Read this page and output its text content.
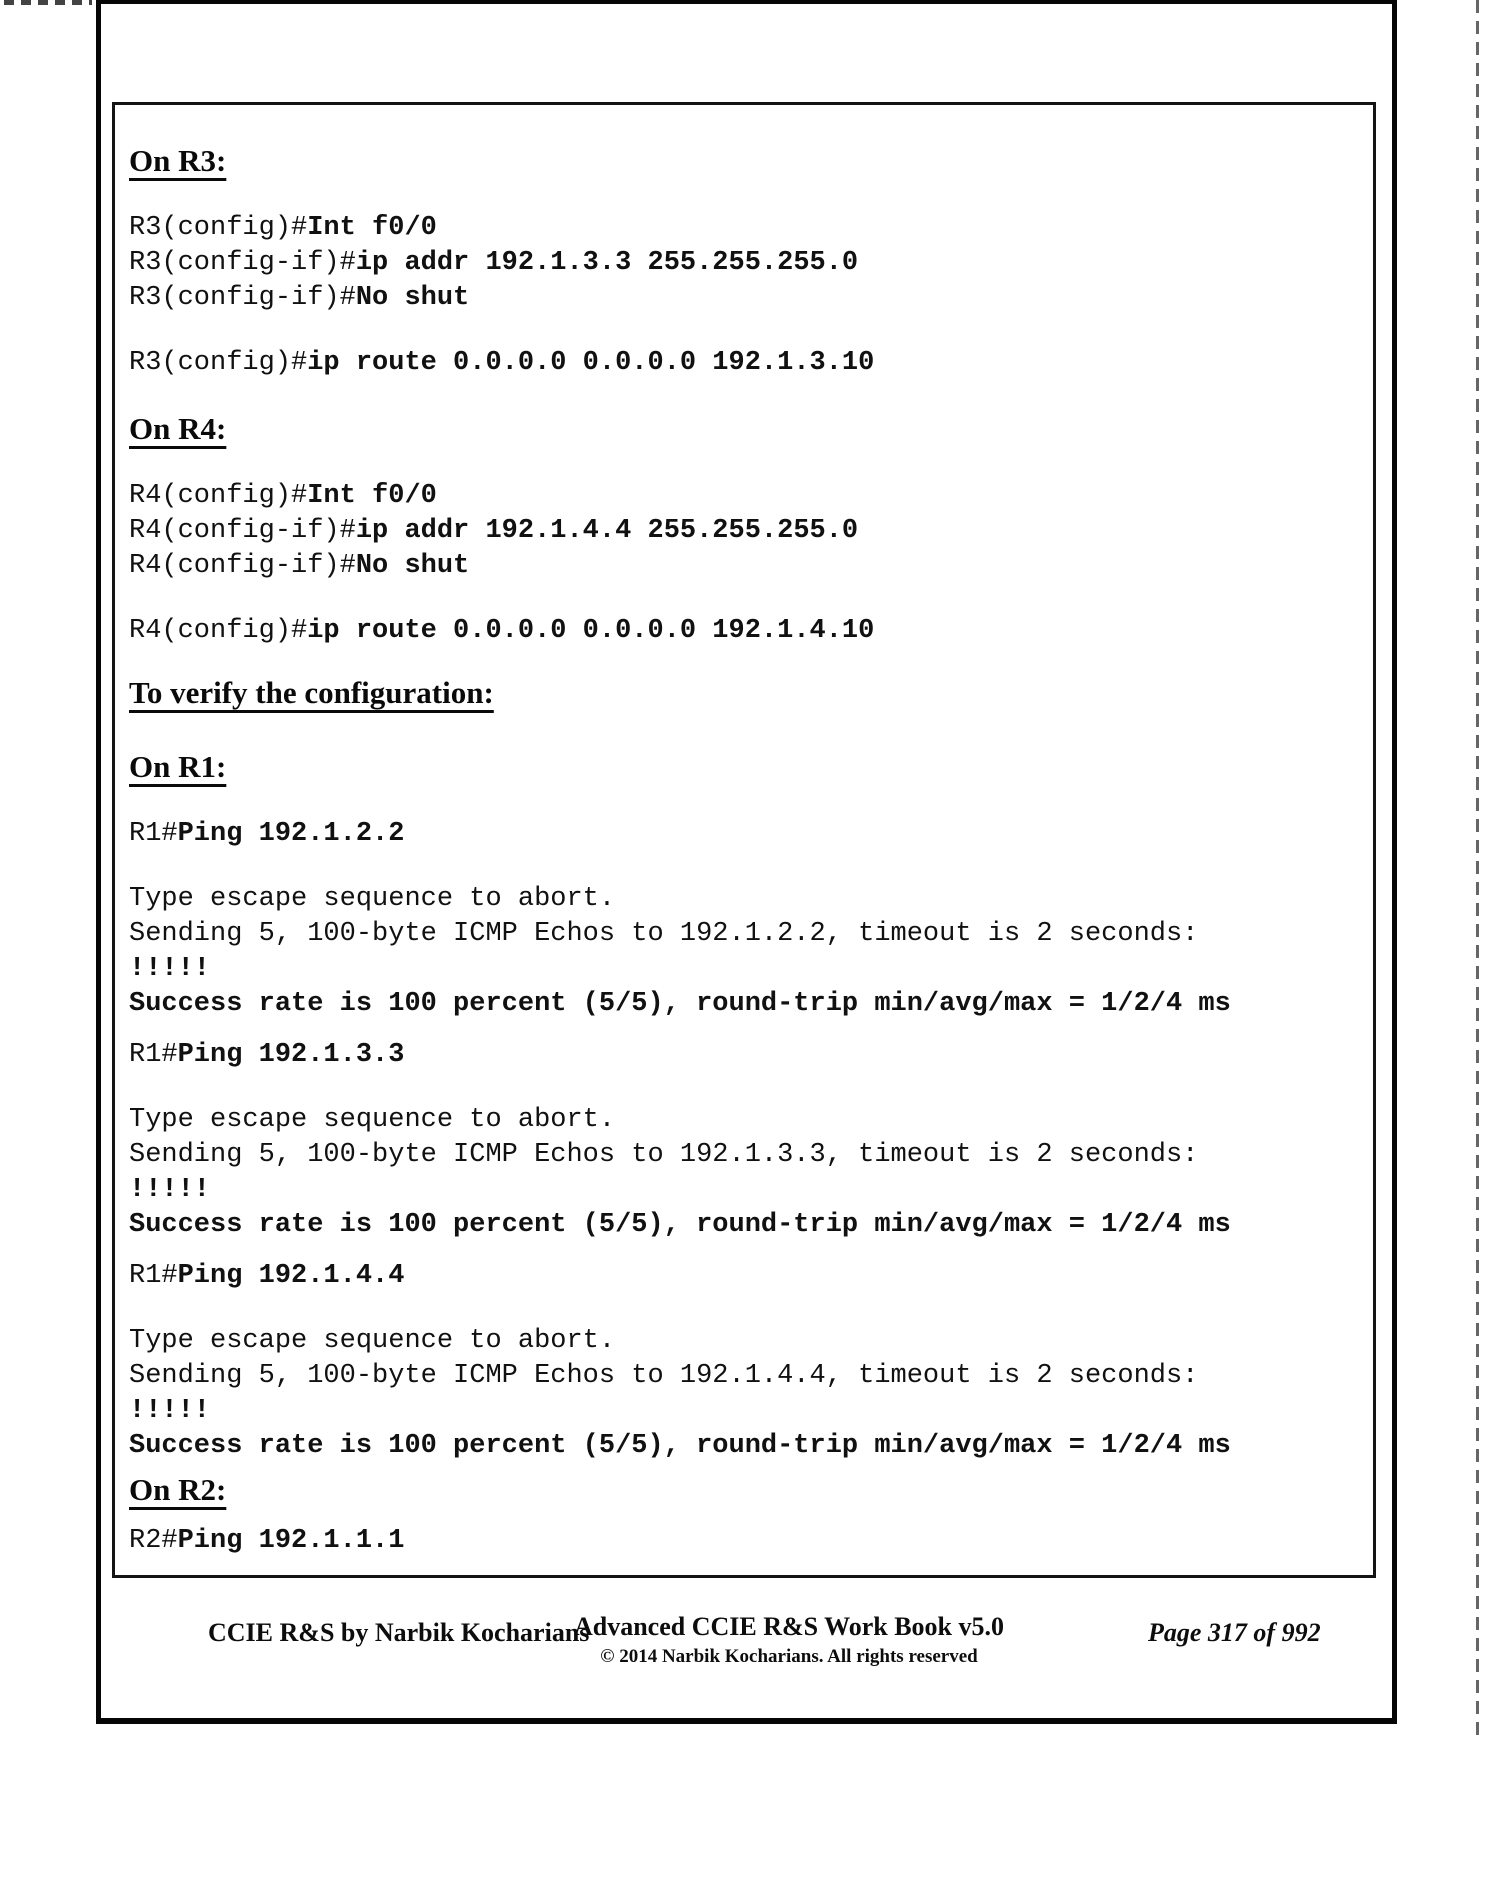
On R3:
R3(config)#Int f0/0
R3(config-if)#ip addr 192.1.3.3 255.255.255.0
R3(config-if)#No shut
R3(config)#ip route 0.0.0.0 0.0.0.0 192.1.3.10
On R4:
R4(config)#Int f0/0
R4(config-if)#ip addr 192.1.4.4 255.255.255.0
R4(config-if)#No shut
R4(config)#ip route 0.0.0.0 0.0.0.0 192.1.4.10
To verify the configuration:
On R1:
R1#Ping 192.1.2.2
Type escape sequence to abort.
Sending 5, 100-byte ICMP Echos to 192.1.2.2, timeout is 2 seconds:
!!!!!
Success rate is 100 percent (5/5), round-trip min/avg/max = 1/2/4 ms
R1#Ping 192.1.3.3
Type escape sequence to abort.
Sending 5, 100-byte ICMP Echos to 192.1.3.3, timeout is 2 seconds:
!!!!!
Success rate is 100 percent (5/5), round-trip min/avg/max = 1/2/4 ms
R1#Ping 192.1.4.4
Type escape sequence to abort.
Sending 5, 100-byte ICMP Echos to 192.1.4.4, timeout is 2 seconds:
!!!!!
Success rate is 100 percent (5/5), round-trip min/avg/max = 1/2/4 ms
On R2:
R2#Ping 192.1.1.1
CCIE R&S by Narbik Kocharians
Advanced CCIE R&S Work Book v5.0
© 2014 Narbik Kocharians. All rights reserved
Page 317 of 992
